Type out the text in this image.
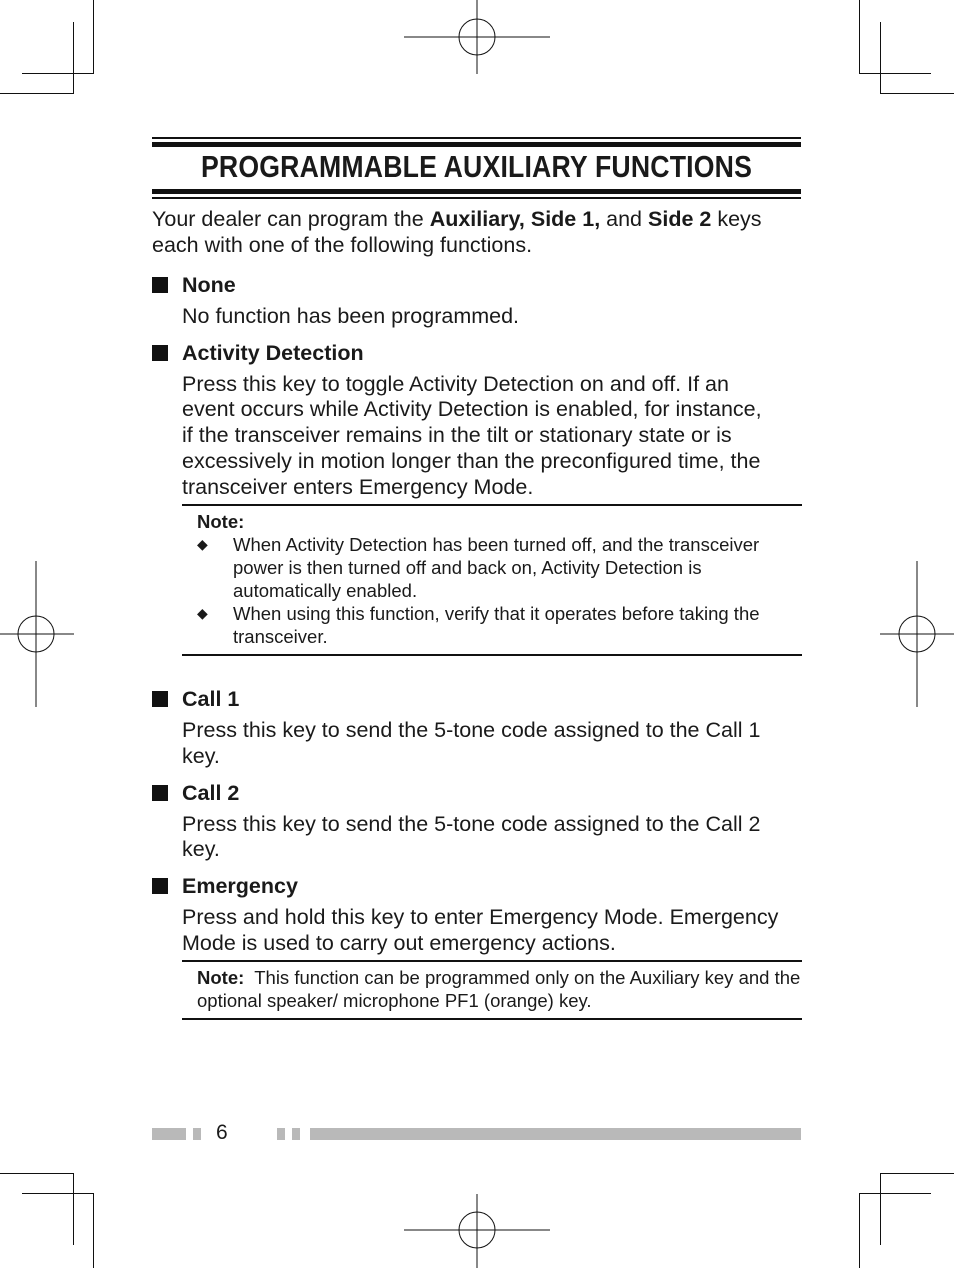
PROGRAMMABLE AUXILIARY FUNCTIONS

Your dealer can program the Auxiliary, Side 1, and Side 2 keys each with one of the following functions.

None
No function has been programmed.
Activity Detection
Press this key to toggle Activity Detection on and off. If an event occurs while Activity Detection is enabled, for instance, if the transceiver remains in the tilt or stationary state or is excessively in motion longer than the preconfigured time, the transceiver enters Emergency Mode.
Note:
◆	When Activity Detection has been turned off, and the transceiver power is then turned off and back on, Activity Detection is automatically enabled.
◆	When using this function, verify that it operates before taking the transceiver.
Call 1
Press this key to send the 5-tone code assigned to the Call 1 key.
Call 2
Press this key to send the 5-tone code assigned to the Call 2 key.
Emergency
Press and hold this key to enter Emergency Mode. Emergency Mode is used to carry out emergency actions.
Note: This function can be programmed only on the Auxiliary key and the optional speaker/ microphone PF1 (orange) key.
6
